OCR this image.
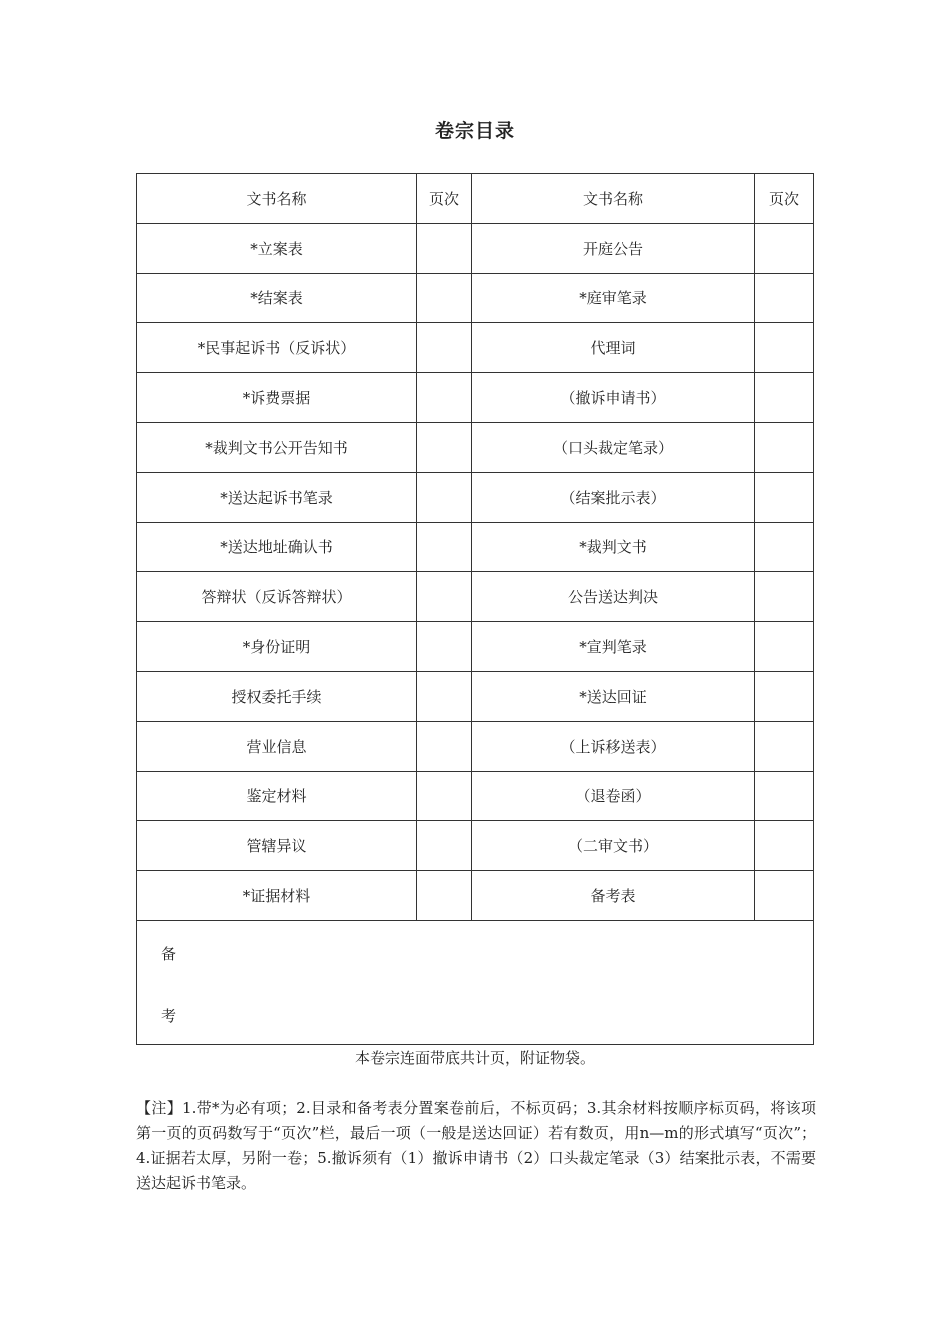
卷宗目录
文书名称	页次	文书名称	页次
*立案表		开庭公告	
*结案表		*庭审笔录	
*民事起诉书（反诉状）		代理词	
*诉费票据		（撤诉申请书）	
*裁判文书公开告知书		（口头裁定笔录）	
*送达起诉书笔录		（结案批示表）	
*送达地址确认书		*裁判文书	
答辩状（反诉答辩状）		公告送达判决	
*身份证明		*宣判笔录	
授权委托手续		*送达回证	
营业信息		（上诉移送表）	
鉴定材料		（退卷函）	
管辖异议		（二审文书）	
*证据材料		备考表	

备
考			
本卷宗连面带底共计页，附证物袋。
【注】1.带*为必有项；2.目录和备考表分置案卷前后，不标页码；3.其余材料按顺序标页码，将该项第一页的页码数写于“页次”栏，最后一项（一般是送达回证）若有数页，用n—m的形式填写“页次”；4.证据若太厚，另附一卷；5.撤诉须有（1）撤诉申请书（2）口头裁定笔录（3）结案批示表，不需要送达起诉书笔录。
